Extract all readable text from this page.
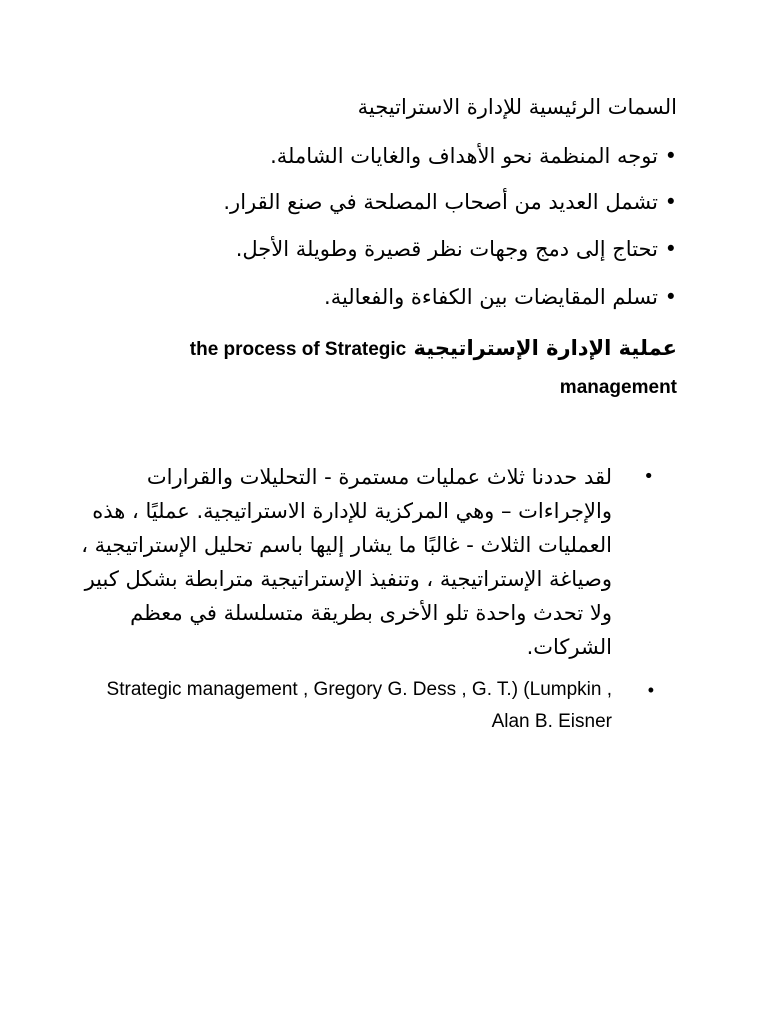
السمات الرئيسية للإدارة الاستراتيجية

• توجه المنظمة نحو الأهداف والغايات الشاملة.

• تشمل العديد من أصحاب المصلحة في صنع القرار.

• تحتاج إلى دمج وجهات نظر قصيرة وطويلة الأجل.

• تسلم المقايضات بين الكفاءة والفعالية.

عملية الإدارة الإستراتيجية the process of Strategic management

•
لقد حددنا ثلاث عمليات مستمرة - التحليلات والقرارات والإجراءات – وهي المركزية للإدارة الاستراتيجية. عمليًا ، هذه العمليات الثلاث - غالبًا ما يشار إليها باسم تحليل الإستراتيجية ، وصياغة الإستراتيجية ، وتنفيذ الإستراتيجية مترابطة بشكل كبير ولا تحدث واحدة تلو الأخرى بطريقة متسلسلة في معظم الشركات.
•
Strategic management , Gregory G. Dess , G. T.) (Lumpkin , Alan B. Eisner
